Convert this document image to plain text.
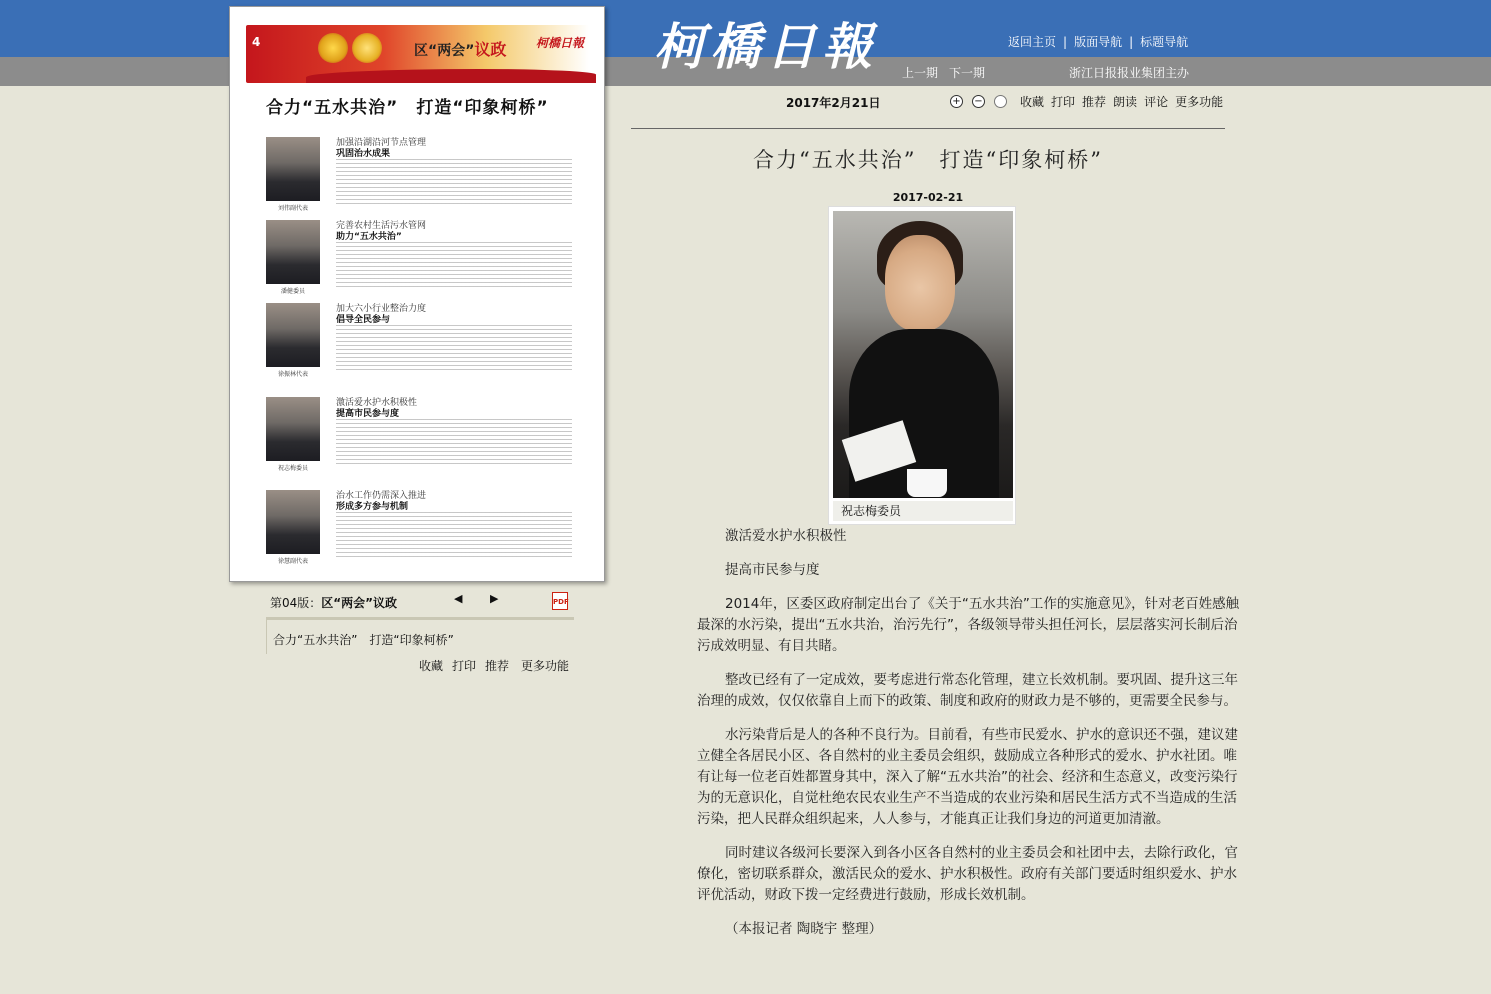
柯橋日報	返回主页 | 版面导航 | 标题导航
上一期 下一期	浙江日报报业集团主办
4
区“两会”议政 柯橋日報
合力“五水共治”　打造“印象柯桥”
刘伟副代表
加强沿湖沿河节点管理
巩固治水成果
潘健委员
完善农村生活污水管网
助力“五水共治”
徐振林代表
加大六小行业整治力度
倡导全民参与
祝志梅委员
激活爱水护水积极性
提高市民参与度
徐慧副代表
治水工作仍需深入推进
形成多方参与机制
第04版：区“两会”议政	◀	▶	PDF
合力“五水共治”　打造“印象柯桥”
收藏 打印 推荐 更多功能
2017年2月21日	+ −	收藏 打印 推荐 朗读 评论 更多功能
合力“五水共治”　打造“印象柯桥”
2017-02-21
祝志梅委员

激活爱水护水积极性

提高市民参与度

2014年，区委区政府制定出台了《关于“五水共治”工作的实施意见》，针对老百姓感触最深的水污染，提出“五水共治，治污先行”，各级领导带头担任河长，层层落实河长制后治污成效明显、有目共睹。

整改已经有了一定成效，要考虑进行常态化管理，建立长效机制。要巩固、提升这三年治理的成效，仅仅依靠自上而下的政策、制度和政府的财政力是不够的，更需要全民参与。

水污染背后是人的各种不良行为。目前看，有些市民爱水、护水的意识还不强，建议建立健全各居民小区、各自然村的业主委员会组织，鼓励成立各种形式的爱水、护水社团。唯有让每一位老百姓都置身其中，深入了解“五水共治”的社会、经济和生态意义，改变污染行为的无意识化，自觉杜绝农民农业生产不当造成的农业污染和居民生活方式不当造成的生活污染，把人民群众组织起来，人人参与，才能真正让我们身边的河道更加清澈。

同时建议各级河长要深入到各小区各自然村的业主委员会和社团中去，去除行政化，官僚化，密切联系群众，激活民众的爱水、护水积极性。政府有关部门要适时组织爱水、护水评优活动，财政下拨一定经费进行鼓励，形成长效机制。

（本报记者 陶晓宇 整理）
